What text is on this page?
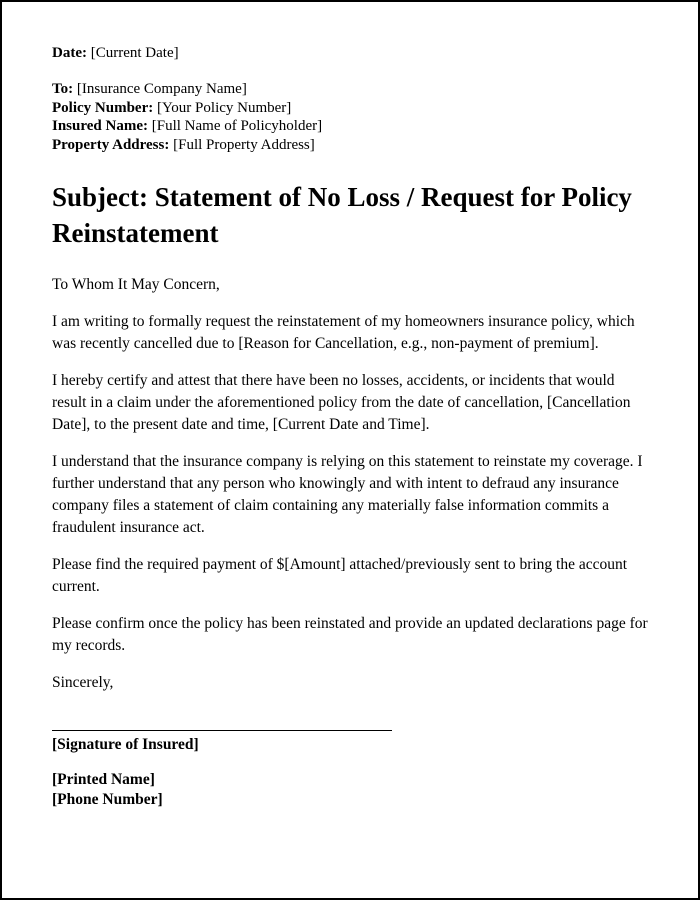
Date: [Current Date]

To: [Insurance Company Name]

Policy Number: [Your Policy Number]

Insured Name: [Full Name of Policyholder]

Property Address: [Full Property Address]

Subject: Statement of No Loss / Request for Policy Reinstatement

To Whom It May Concern,

I am writing to formally request the reinstatement of my homeowners insurance policy, which was recently cancelled due to [Reason for Cancellation, e.g., non-payment of premium].

I hereby certify and attest that there have been no losses, accidents, or incidents that would result in a claim under the aforementioned policy from the date of cancellation, [Cancellation Date], to the present date and time, [Current Date and Time].

I understand that the insurance company is relying on this statement to reinstate my coverage. I further understand that any person who knowingly and with intent to defraud any insurance company files a statement of claim containing any materially false information commits a fraudulent insurance act.

Please find the required payment of $[Amount] attached/previously sent to bring the account current.

Please confirm once the policy has been reinstated and provide an updated declarations page for my records.

Sincerely,

[Signature of Insured]

[Printed Name]

[Phone Number]
